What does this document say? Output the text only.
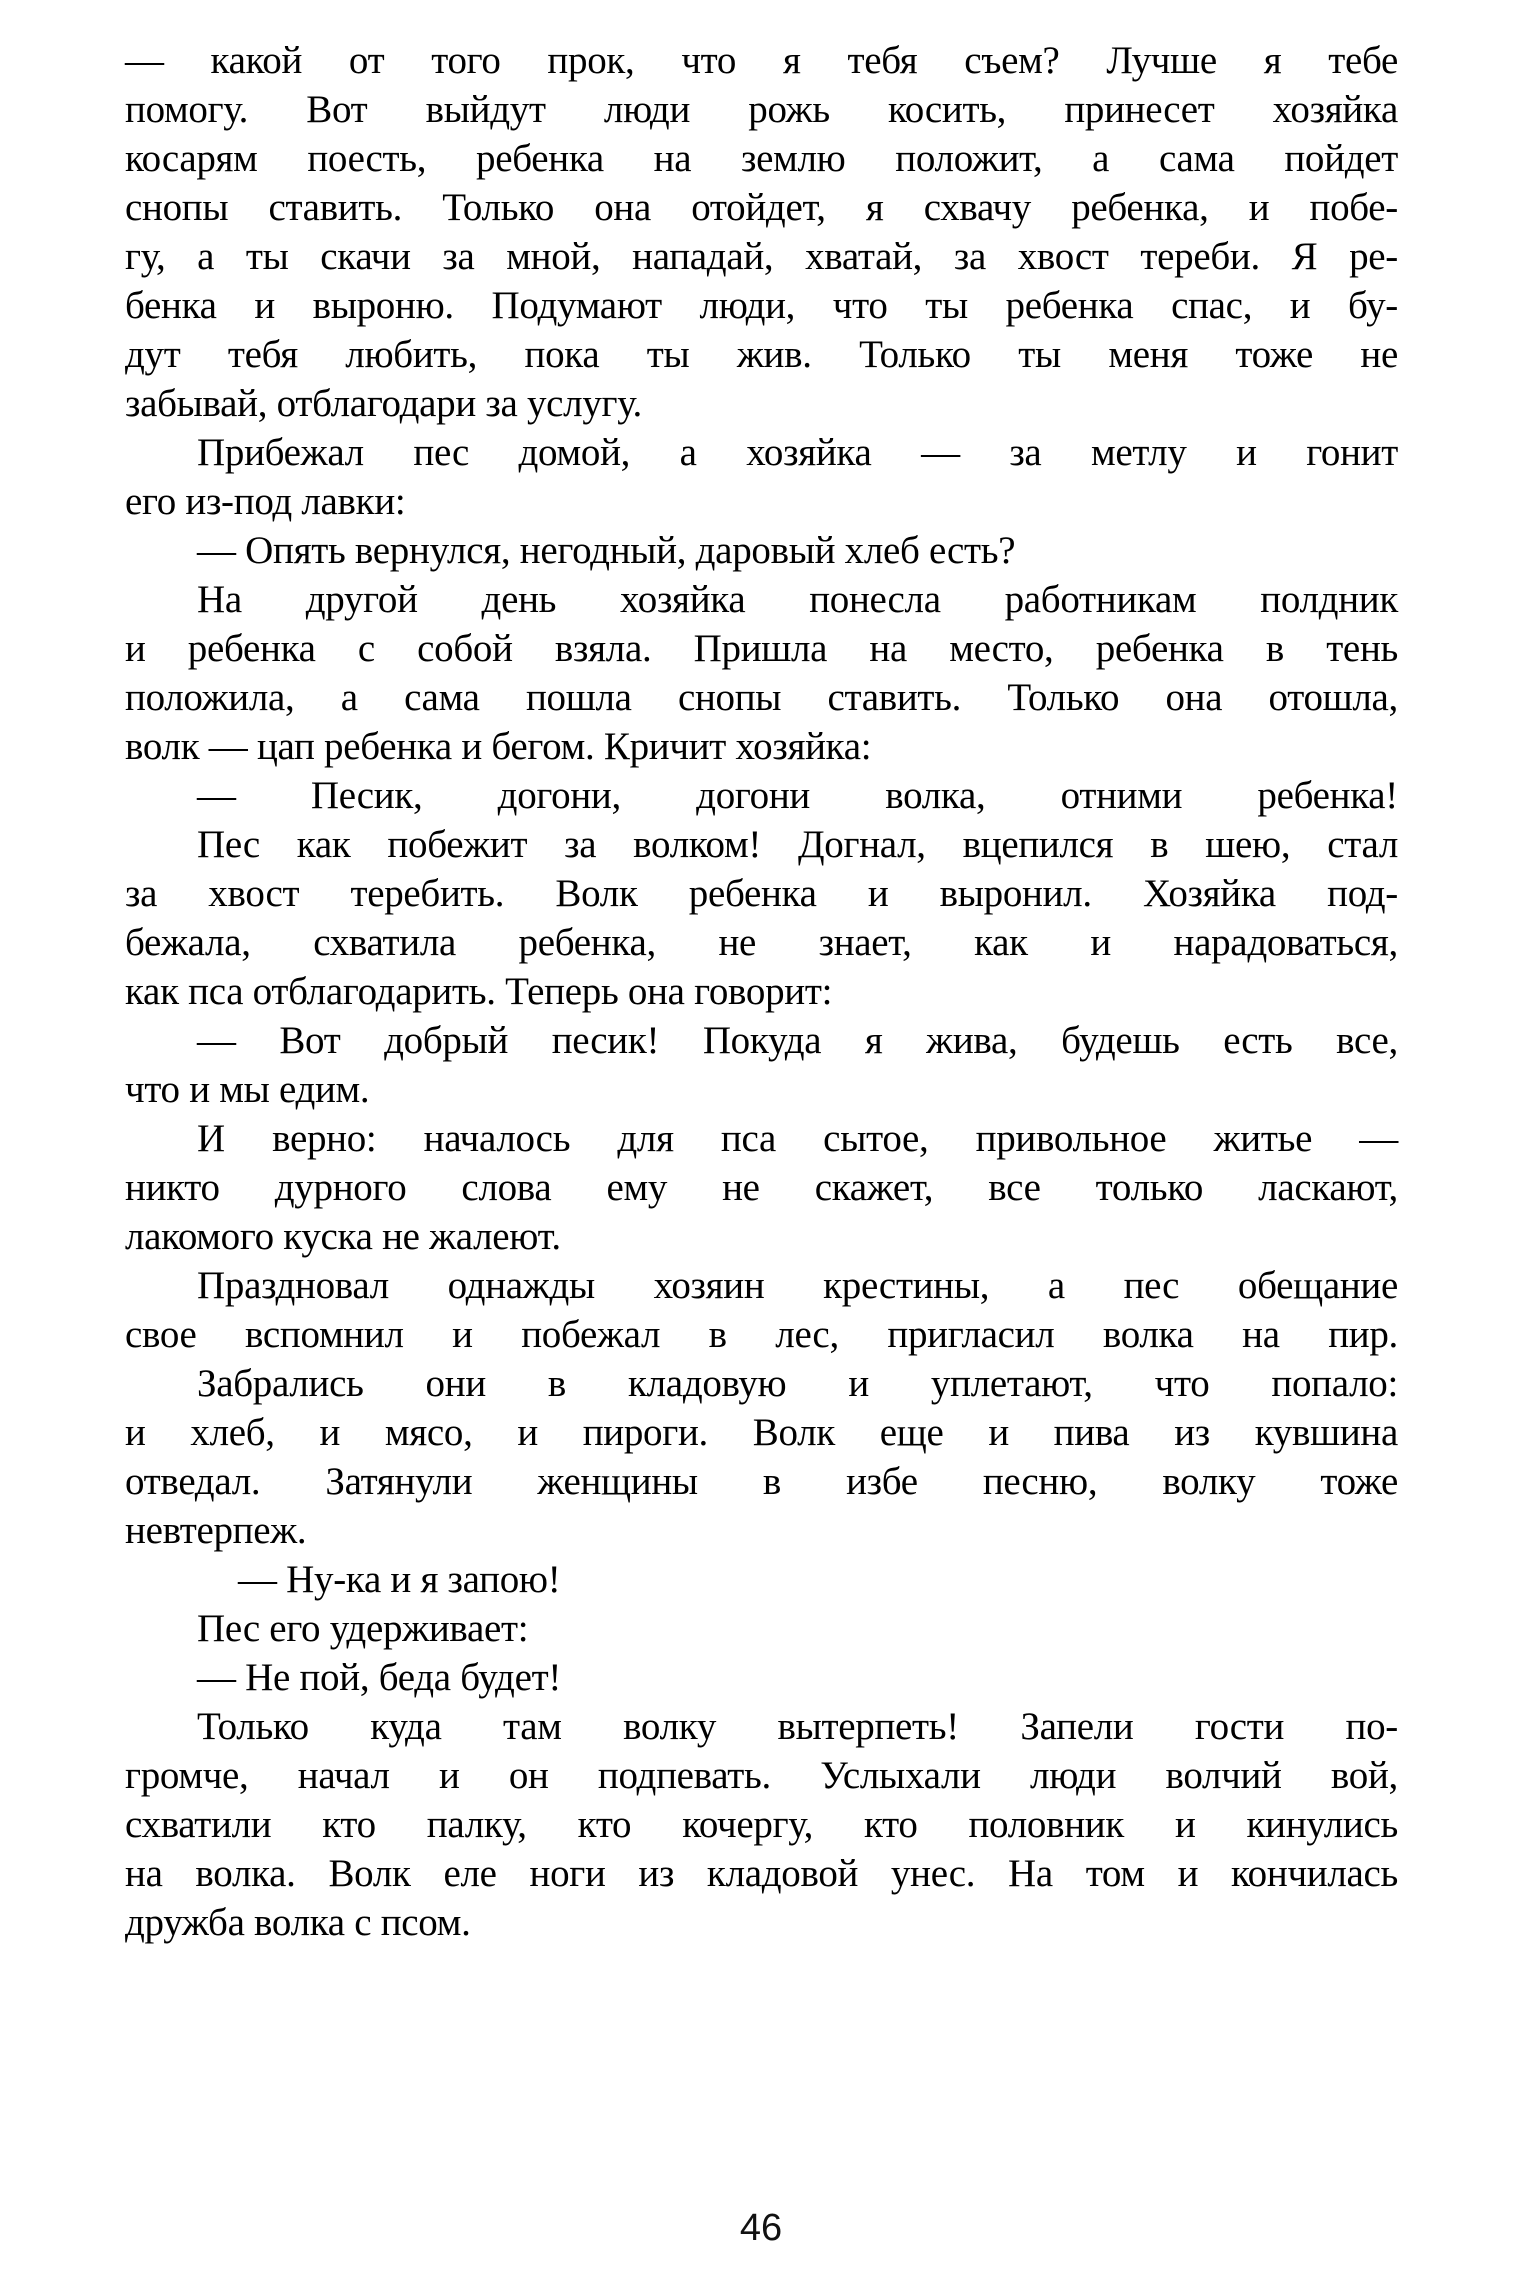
— какой от того прок, что я тебя съем? Лучше я тебе
помогу. Вот выйдут люди рожь косить, принесет хозяйка
косарям поесть, ребенка на землю положит, а сама пойдет
снопы ставить. Только она отойдет, я схвачу ребенка, и побе-
гу, а ты скачи за мной, нападай, хватай, за хвост тереби. Я ре-
бенка и выроню. Подумают люди, что ты ребенка спас, и бу-
дут тебя любить, пока ты жив. Только ты меня тоже не
забывай, отблагодари за услугу.
Прибежал пес домой, а хозяйка — за метлу и гонит
его из-под лавки:
— Опять вернулся, негодный, даровый хлеб есть?
На другой день хозяйка понесла работникам полдник
и ребенка с собой взяла. Пришла на место, ребенка в тень
положила, а сама пошла снопы ставить. Только она отошла,
волк — цап ребенка и бегом. Кричит хозяйка:
— Песик, догони, догони волка, отними ребенка!
Пес как побежит за волком! Догнал, вцепился в шею, стал
за хвост теребить. Волк ребенка и выронил. Хозяйка под-
бежала, схватила ребенка, не знает, как и нарадоваться,
как пса отблагодарить. Теперь она говорит:
— Вот добрый песик! Покуда я жива, будешь есть все,
что и мы едим.
И верно: началось для пса сытое, привольное житье —
никто дурного слова ему не скажет, все только ласкают,
лакомого куска не жалеют.
Праздновал однажды хозяин крестины, а пес обещание
свое вспомнил и побежал в лес, пригласил волка на пир.
Забрались они в кладовую и уплетают, что попало:
и хлеб, и мясо, и пироги. Волк еще и пива из кувшина
отведал. Затянули женщины в избе песню, волку тоже
невтерпеж.
— Ну-ка и я запою!
Пес его удерживает:
— Не пой, беда будет!
Только куда там волку вытерпеть! Запели гости по-
громче, начал и он подпевать. Услыхали люди волчий вой,
схватили кто палку, кто кочергу, кто половник и кинулись
на волка. Волк еле ноги из кладовой унес. На том и кончилась
дружба волка с псом.
46
